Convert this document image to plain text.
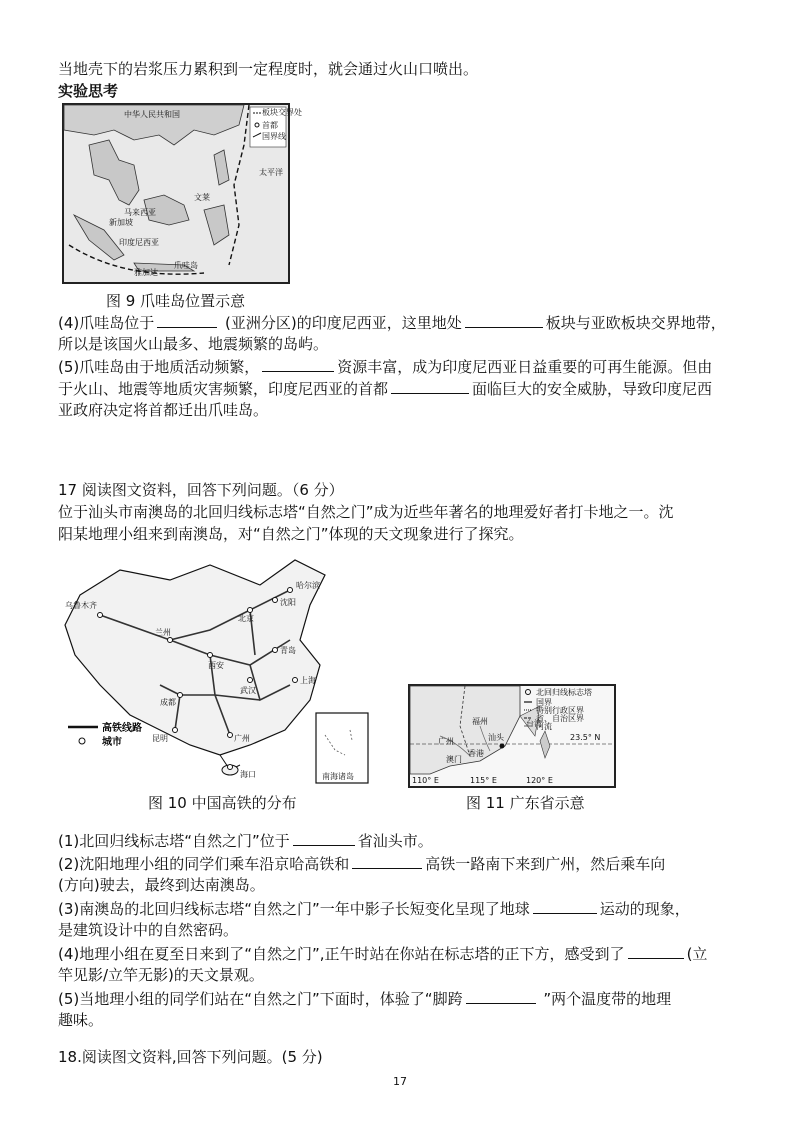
当地壳下的岩浆压力累积到一定程度时，就会通过火山口喷出。
实验思考
板块交界处
首都
国界线
中华人民共和国
太平洋
马来西亚
印度尼西亚
爪哇岛
雅加达
新加坡
文莱
图 9 爪哇岛位置示意
(4)爪哇岛位于	(亚洲分区)的印度尼西亚，这里地处	板块与亚欧板块交界地带，
所以是该国火山最多、地震频繁的岛屿。
(5)爪哇岛由于地质活动频繁，	资源丰富，成为印度尼西亚日益重要的可再生能源。但由
于火山、地震等地质灾害频繁，印度尼西亚的首都	面临巨大的安全威胁，导致印度尼西
亚政府决定将首都迁出爪哇岛。
17 阅读图文资料，回答下列问题。（6 分）
位于汕头市南澳岛的北回归线标志塔“自然之门”成为近些年著名的地理爱好者打卡地之一。沈
阳某地理小组来到南澳岛，对“自然之门”体现的天文现象进行了探究。
乌鲁木齐
兰州
西安
北京
哈尔滨
沈阳
青岛
上海
武汉
成都
昆明	广州
海口
高铁线路
城市
南海诸岛
图 10 中国高铁的分布
福州	台湾
广州	汕头
香港
澳门
23.5° N
110° E	115° E	120° E
北回归线标志塔
国界
特别行政区界
省、自治区界
河流
图 11 广东省示意
(1)北回归线标志塔“自然之门”位于	省汕头市。
(2)沈阳地理小组的同学们乘车沿京哈高铁和	高铁一路南下来到广州，然后乘车向
(方向)驶去，最终到达南澳岛。
(3)南澳岛的北回归线标志塔“自然之门”一年中影子长短变化呈现了地球	运动的现象，
是建筑设计中的自然密码。
(4)地理小组在夏至日来到了“自然之门”,正午时站在你站在标志塔的正下方，感受到了	(立
竿见影/立竿无影)的天文景观。
(5)当地理小组的同学们站在“自然之门”下面时，体验了“脚跨	”两个温度带的地理
趣味。
18.阅读图文资料,回答下列问题。(5 分)
17
